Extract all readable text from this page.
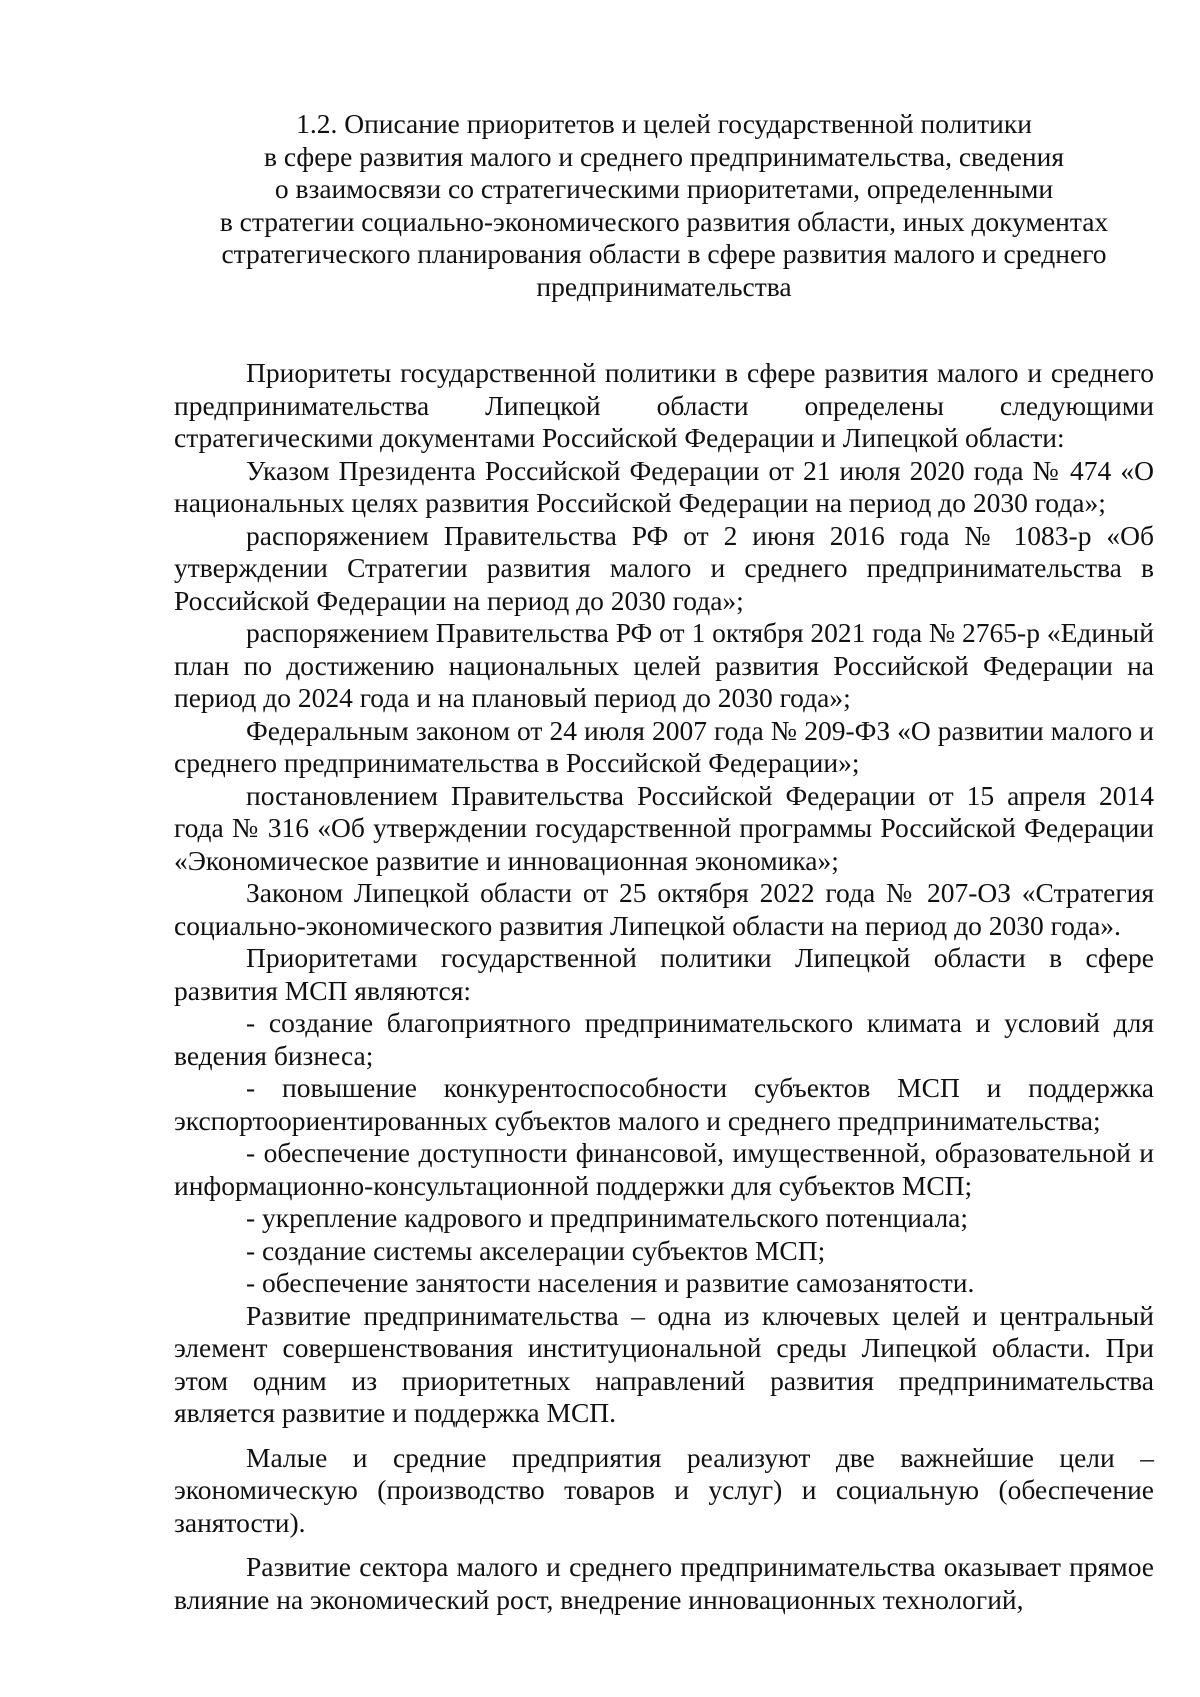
1.2. Описание приоритетов и целей государственной политики
в сфере развития малого и среднего предпринимательства, сведения
о взаимосвязи со стратегическими приоритетами, определенными
в стратегии социально-экономического развития области, иных документах
стратегического планирования области в сфере развития малого и среднего
предпринимательства

Приоритеты государственной политики в сфере развития малого и среднего предпринимательства Липецкой области определены следующими стратегическими документами Российской Федерации и Липецкой области:

Указом Президента Российской Федерации от 21 июля 2020 года № 474 «О национальных целях развития Российской Федерации на период до 2030 года»;

распоряжением Правительства РФ от 2 июня 2016 года № 1083-р «Об утверждении Стратегии развития малого и среднего предпринимательства в Российской Федерации на период до 2030 года»;

распоряжением Правительства РФ от 1 октября 2021 года № 2765-р «Единый план по достижению национальных целей развития Российской Федерации на период до 2024 года и на плановый период до 2030 года»;

Федеральным законом от 24 июля 2007 года № 209-ФЗ «О развитии малого и среднего предпринимательства в Российской Федерации»;

постановлением Правительства Российской Федерации от 15 апреля 2014 года № 316 «Об утверждении государственной программы Российской Федерации «Экономическое развитие и инновационная экономика»;

Законом Липецкой области от 25 октября 2022 года № 207-ОЗ «Стратегия социально-экономического развития Липецкой области на период до 2030 года».

Приоритетами государственной политики Липецкой области в сфере развития МСП являются:

- создание благоприятного предпринимательского климата и условий для ведения бизнеса;

- повышение конкурентоспособности субъектов МСП и поддержка экспортоориентированных субъектов малого и среднего предпринимательства;

- обеспечение доступности финансовой, имущественной, образовательной и информационно-консультационной поддержки для субъектов МСП;

- укрепление кадрового и предпринимательского потенциала;

- создание системы акселерации субъектов МСП;

- обеспечение занятости населения и развитие самозанятости.

Развитие предпринимательства – одна из ключевых целей и центральный элемент совершенствования институциональной среды Липецкой области. При этом одним из приоритетных направлений развития предпринимательства является развитие и поддержка МСП.

Малые и средние предприятия реализуют две важнейшие цели – экономическую (производство товаров и услуг) и социальную (обеспечение занятости).

Развитие сектора малого и среднего предпринимательства оказывает прямое влияние на экономический рост, внедрение инновационных технологий,
